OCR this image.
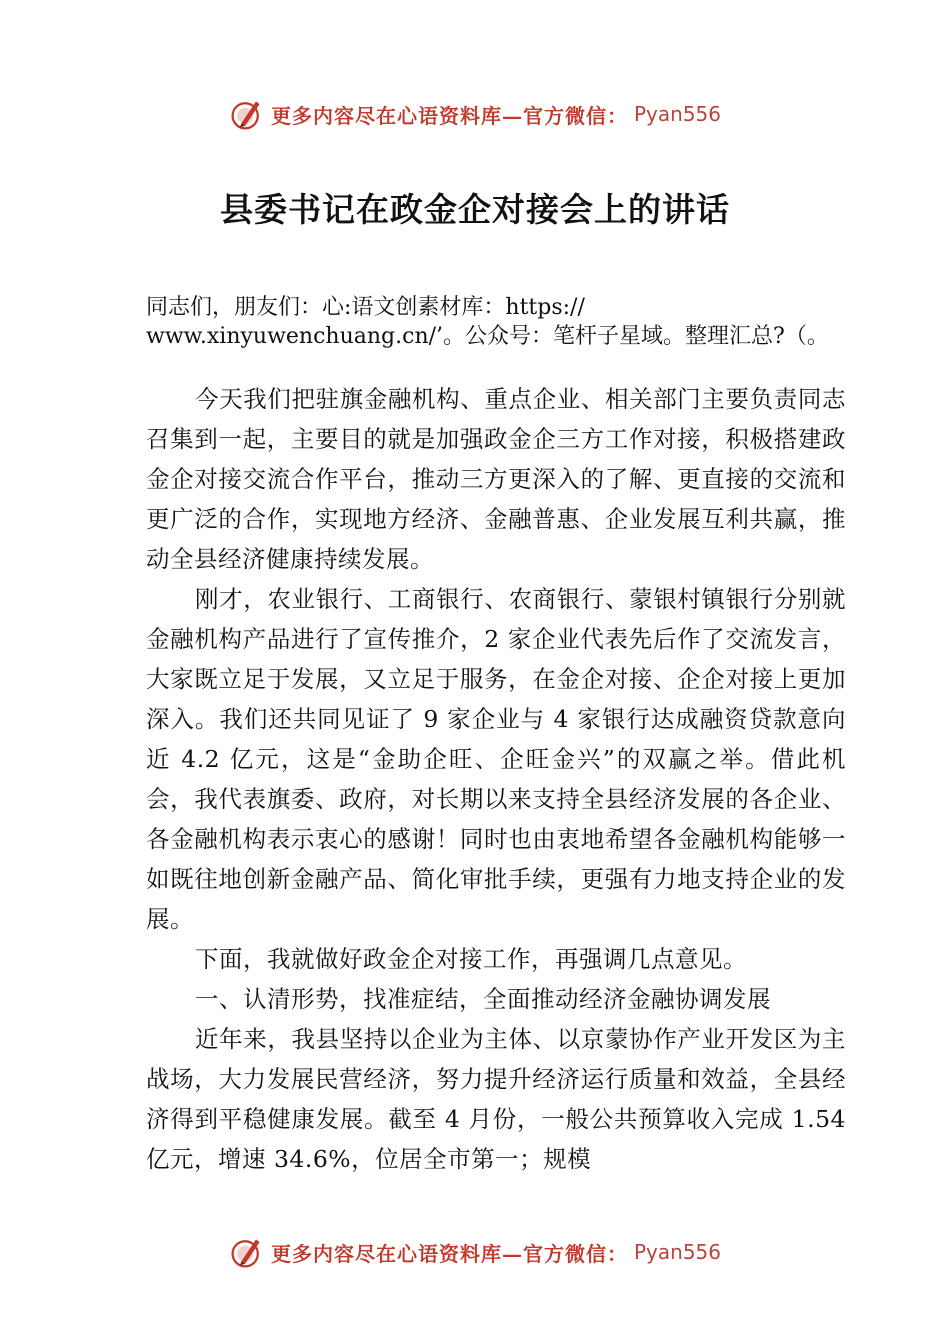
更多内容尽在心语资料库—官方微信： Pyan556
县委书记在政金企对接会上的讲话

同志们，朋友们：心:语文创素材库：https:// www.xinyuwenchuang.cn/’。公众号：笔杆子星域。整理汇总?（。

今天我们把驻旗金融机构、重点企业、相关部门主要负责同志召集到一起，主要目的就是加强政金企三方工作对接，积极搭建政金企对接交流合作平台，推动三方更深入的了解、更直接的交流和更广泛的合作，实现地方经济、金融普惠、企业发展互利共赢，推动全县经济健康持续发展。

刚才，农业银行、工商银行、农商银行、蒙银村镇银行分别就金融机构产品进行了宣传推介，2 家企业代表先后作了交流发言，大家既立足于发展，又立足于服务，在金企对接、企企对接上更加深入。我们还共同见证了 9 家企业与 4 家银行达成融资贷款意向近 4.2 亿元，这是“金助企旺、企旺金兴”的双赢之举。借此机会，我代表旗委、政府，对长期以来支持全县经济发展的各企业、各金融机构表示衷心的感谢！同时也由衷地希望各金融机构能够一如既往地创新金融产品、简化审批手续，更强有力地支持企业的发展。

下面，我就做好政金企对接工作，再强调几点意见。

一、认清形势，找准症结，全面推动经济金融协调发展

近年来，我县坚持以企业为主体、以京蒙协作产业开发区为主战场，大力发展民营经济，努力提升经济运行质量和效益，全县经济得到平稳健康发展。截至 4 月份，一般公共预算收入完成 1.54 亿元，增速 34.6%，位居全市第一；规模

更多内容尽在心语资料库—官方微信： Pyan556
